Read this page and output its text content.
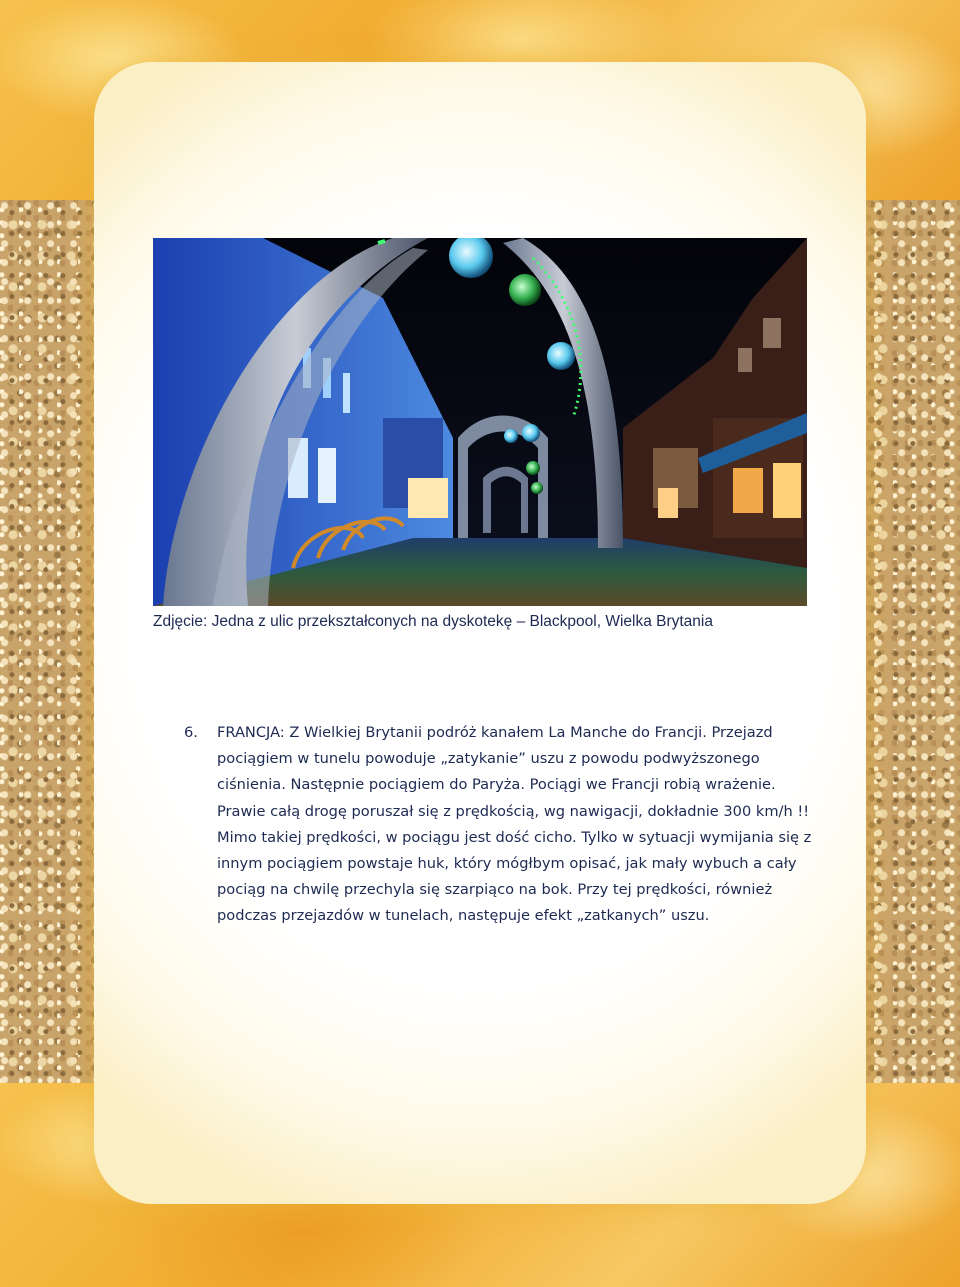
Zdjęcie: Jedna z ulic przekształconych na dyskotekę – Blackpool, Wielka Brytania
6. FRANCJA: Z Wielkiej Brytanii podróż kanałem La Manche do Francji. Przejazd
pociągiem w tunelu powoduje „zatykanie” uszu z powodu podwyższonego
ciśnienia. Następnie pociągiem do Paryża. Pociągi we Francji robią wrażenie.
Prawie całą drogę poruszał się z prędkością, wg nawigacji, dokładnie 300 km/h !!
Mimo takiej prędkości, w pociągu jest dość cicho. Tylko w sytuacji wymijania się z
innym pociągiem powstaje huk, który mógłbym opisać, jak mały wybuch a cały
pociąg na chwilę przechyla się szarpiąco na bok. Przy tej prędkości, również
podczas przejazdów w tunelach, następuje efekt „zatkanych” uszu.
